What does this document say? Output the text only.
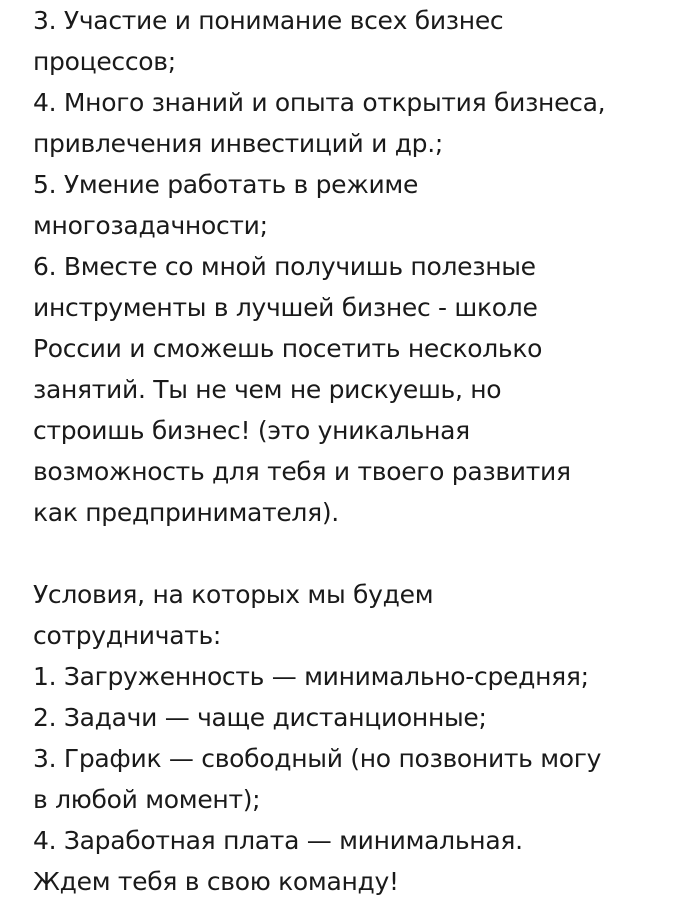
3. Участие и понимание всех бизнес

процессов;

4. Много знаний и опыта открытия бизнеса,

привлечения инвестиций и др.;

5. Умение работать в режиме

многозадачности;

6. Вместе со мной получишь полезные

инструменты в лучшей бизнес - школе

России и сможешь посетить несколько

занятий. Ты не чем не рискуешь, но

строишь бизнес! (это уникальная

возможность для тебя и твоего развития

как предпринимателя).

Условия, на которых мы будем

сотрудничать:

1. Загруженность — минимально-средняя;

2. Задачи — чаще дистанционные;

3. График — свободный (но позвонить могу

в любой момент);

4. Заработная плата — минимальная.

Ждем тебя в свою команду!
